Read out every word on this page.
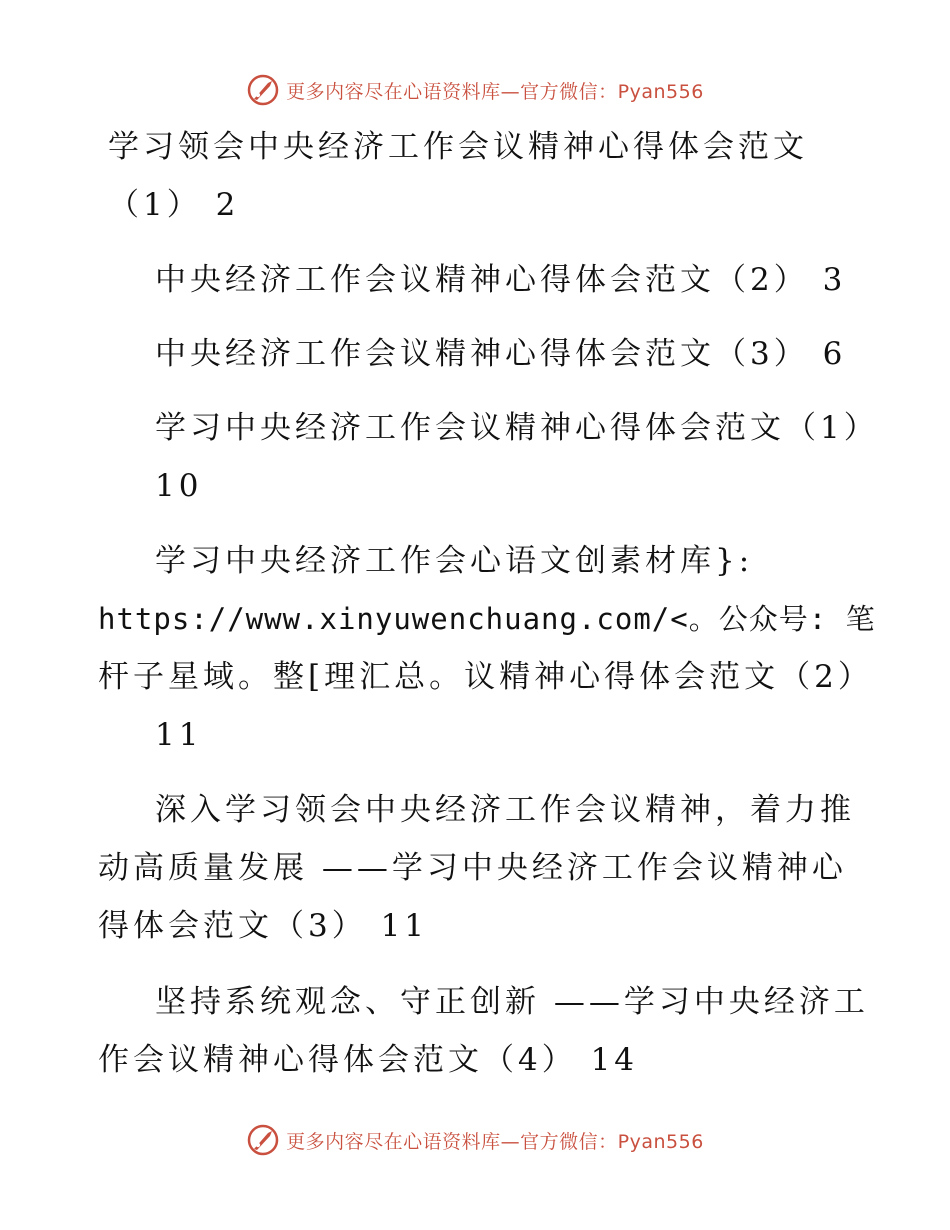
更多内容尽在心语资料库—官方微信：Pyan556
学习领会中央经济工作会议精神心得体会范文
（1） 2
中央经济工作会议精神心得体会范文（2） 3
中央经济工作会议精神心得体会范文（3） 6
学习中央经济工作会议精神心得体会范文（1）
10
学习中央经济工作会心语文创素材库}:
https://www.xinyuwenchuang.com/<。公众号: 笔
杆子星域。整[理汇总。议精神心得体会范文（2）
11
深入学习领会中央经济工作会议精神，着力推
动高质量发展 ——学习中央经济工作会议精神心
得体会范文（3） 11
坚持系统观念、守正创新 ——学习中央经济工
作会议精神心得体会范文（4） 14
更多内容尽在心语资料库—官方微信：Pyan556
